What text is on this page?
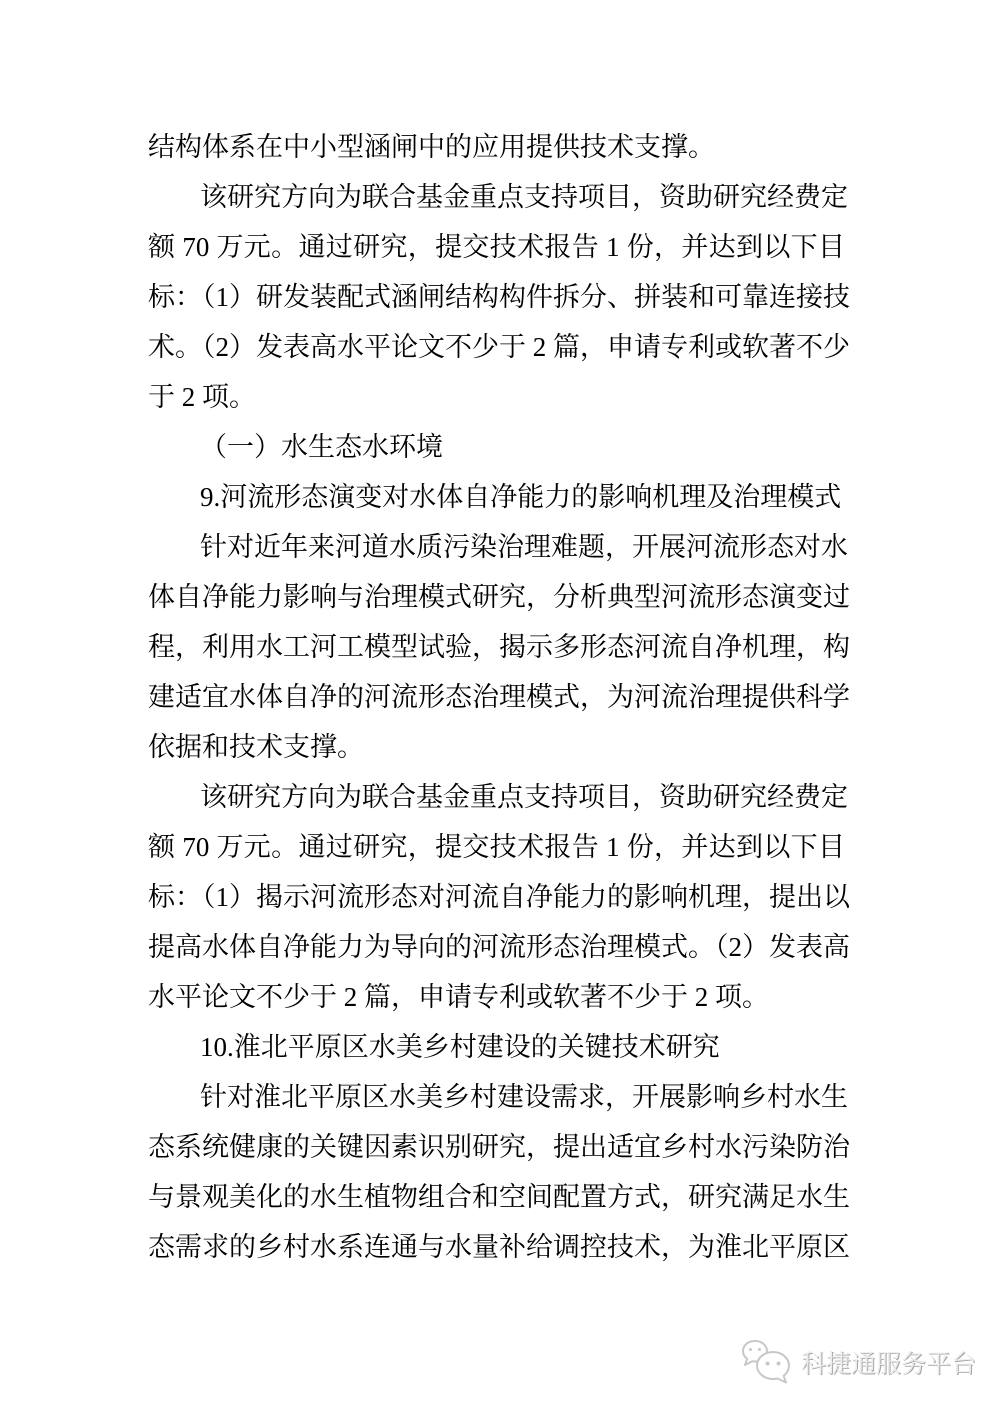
结构体系在中小型涵闸中的应用提供技术支撑。
该研究方向为联合基金重点支持项目，资助研究经费定
额 70 万元。通过研究，提交技术报告 1 份，并达到以下目
标：（1）研发装配式涵闸结构构件拆分、拼装和可靠连接技
术。（2）发表高水平论文不少于 2 篇，申请专利或软著不少
于 2 项。
（一）水生态水环境
9.河流形态演变对水体自净能力的影响机理及治理模式
针对近年来河道水质污染治理难题，开展河流形态对水
体自净能力影响与治理模式研究，分析典型河流形态演变过
程，利用水工河工模型试验，揭示多形态河流自净机理，构
建适宜水体自净的河流形态治理模式，为河流治理提供科学
依据和技术支撑。
该研究方向为联合基金重点支持项目，资助研究经费定
额 70 万元。通过研究，提交技术报告 1 份，并达到以下目
标：（1）揭示河流形态对河流自净能力的影响机理，提出以
提高水体自净能力为导向的河流形态治理模式。（2）发表高
水平论文不少于 2 篇，申请专利或软著不少于 2 项。
10.淮北平原区水美乡村建设的关键技术研究
针对淮北平原区水美乡村建设需求，开展影响乡村水生
态系统健康的关键因素识别研究，提出适宜乡村水污染防治
与景观美化的水生植物组合和空间配置方式，研究满足水生
态需求的乡村水系连通与水量补给调控技术，为淮北平原区
科捷通服务平台
